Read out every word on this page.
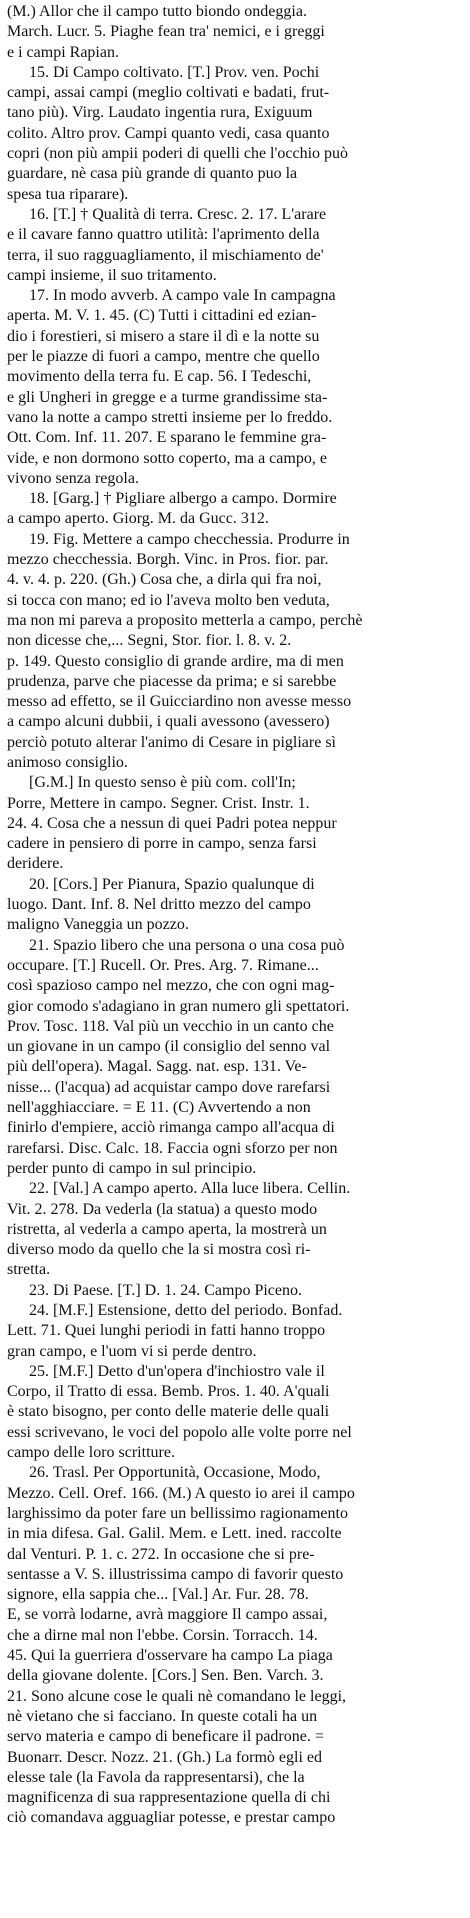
(M.) Allor che il campo tutto biondo ondeggia.
March. Lucr. 5. Piaghe fean tra' nemici, e i greggi
e i campi Rapian.
15. Di Campo coltivato. [T.] Prov. ven. Pochi
campi, assai campi (meglio coltivati e badati, frut-
tano più). Virg. Laudato ingentia rura, Exiguum
colito. Altro prov. Campi quanto vedi, casa quanto
copri (non più ampii poderi di quelli che l'occhio può
guardare, nè casa più grande di quanto puo la
spesa tua riparare).
16. [T.] † Qualità di terra. Cresc. 2. 17. L'arare
e il cavare fanno quattro utilità: l'aprimento della
terra, il suo ragguagliamento, il mischiamento de'
campi insieme, il suo tritamento.
17. In modo avverb. A campo vale In campagna
aperta. M. V. 1. 45. (C) Tutti i cittadini ed ezian-
dio i forestieri, si misero a stare il dì e la notte su
per le piazze di fuori a campo, mentre che quello
movimento della terra fu. E cap. 56. I Tedeschi,
e gli Ungheri in gregge e a turme grandissime sta-
vano la notte a campo stretti insieme per lo freddo.
Ott. Com. Inf. 11. 207. E sparano le femmine gra-
vide, e non dormono sotto coperto, ma a campo, e
vivono senza regola.
18. [Garg.] † Pigliare albergo a campo. Dormire
a campo aperto. Giorg. M. da Gucc. 312.
19. Fig. Mettere a campo checchessia. Produrre in
mezzo checchessia. Borgh. Vinc. in Pros. fior. par.
4. v. 4. p. 220. (Gh.) Cosa che, a dirla qui fra noi,
si tocca con mano; ed io l'aveva molto ben veduta,
ma non mi pareva a proposito metterla a campo, perchè
non dicesse che,... Segni, Stor. fior. l. 8. v. 2.
p. 149. Questo consiglio di grande ardire, ma di men
prudenza, parve che piacesse da prima; e si sarebbe
messo ad effetto, se il Guicciardino non avesse messo
a campo alcuni dubbii, i quali avessono (avessero)
perciò potuto alterar l'animo di Cesare in pigliare sì
animoso consiglio.
[G.M.] In questo senso è più com. coll'In;
Porre, Mettere in campo. Segner. Crist. Instr. 1.
24. 4. Cosa che a nessun di quei Padri potea neppur
cadere in pensiero di porre in campo, senza farsi
deridere.
20. [Cors.] Per Pianura, Spazio qualunque di
luogo. Dant. Inf. 8. Nel dritto mezzo del campo
maligno Vaneggia un pozzo.
21. Spazio libero che una persona o una cosa può
occupare. [T.] Rucell. Or. Pres. Arg. 7. Rimane...
così spazioso campo nel mezzo, che con ogni mag-
gior comodo s'adagiano in gran numero gli spettatori.
Prov. Tosc. 118. Val più un vecchio in un canto che
un giovane in un campo (il consiglio del senno val
più dell'opera). Magal. Sagg. nat. esp. 131. Ve-
nisse... (l'acqua) ad acquistar campo dove rarefarsi
nell'agghiacciare. = E 11. (C) Avvertendo a non
finirlo d'empiere, acciò rimanga campo all'acqua di
rarefarsi. Disc. Calc. 18. Faccia ogni sforzo per non
perder punto di campo in sul principio.
22. [Val.] A campo aperto. Alla luce libera. Cellin.
Vit. 2. 278. Da vederla (la statua) a questo modo
ristretta, al vederla a campo aperta, la mostrerà un
diverso modo da quello che la si mostra così ri-
stretta.
23. Di Paese. [T.] D. 1. 24. Campo Piceno.
24. [M.F.] Estensione, detto del periodo. Bonfad.
Lett. 71. Quei lunghi periodi in fatti hanno troppo
gran campo, e l'uom vi si perde dentro.
25. [M.F.] Detto d'un'opera d'inchiostro vale il
Corpo, il Tratto di essa. Bemb. Pros. 1. 40. A'quali
è stato bisogno, per conto delle materie delle quali
essi scrivevano, le voci del popolo alle volte porre nel
campo delle loro scritture.
26. Trasl. Per Opportunità, Occasione, Modo,
Mezzo. Cell. Oref. 166. (M.) A questo io arei il campo
larghissimo da poter fare un bellissimo ragionamento
in mia difesa. Gal. Galil. Mem. e Lett. ined. raccolte
dal Venturi. P. 1. c. 272. In occasione che si pre-
sentasse a V. S. illustrissima campo di favorir questo
signore, ella sappia che... [Val.] Ar. Fur. 28. 78.
E, se vorrà lodarne, avrà maggiore Il campo assai,
che a dirne mal non l'ebbe. Corsin. Torracch. 14.
45. Qui la guerriera d'osservare ha campo La piaga
della giovane dolente. [Cors.] Sen. Ben. Varch. 3.
21. Sono alcune cose le quali nè comandano le leggi,
nè vietano che si facciano. In queste cotali ha un
servo materia e campo di beneficare il padrone. =
Buonarr. Descr. Nozz. 21. (Gh.) La formò egli ed
elesse tale (la Favola da rappresentarsi), che la
magnificenza di sua rappresentazione quella di chi
ciò comandava agguagliar potesse, e prestar campo
